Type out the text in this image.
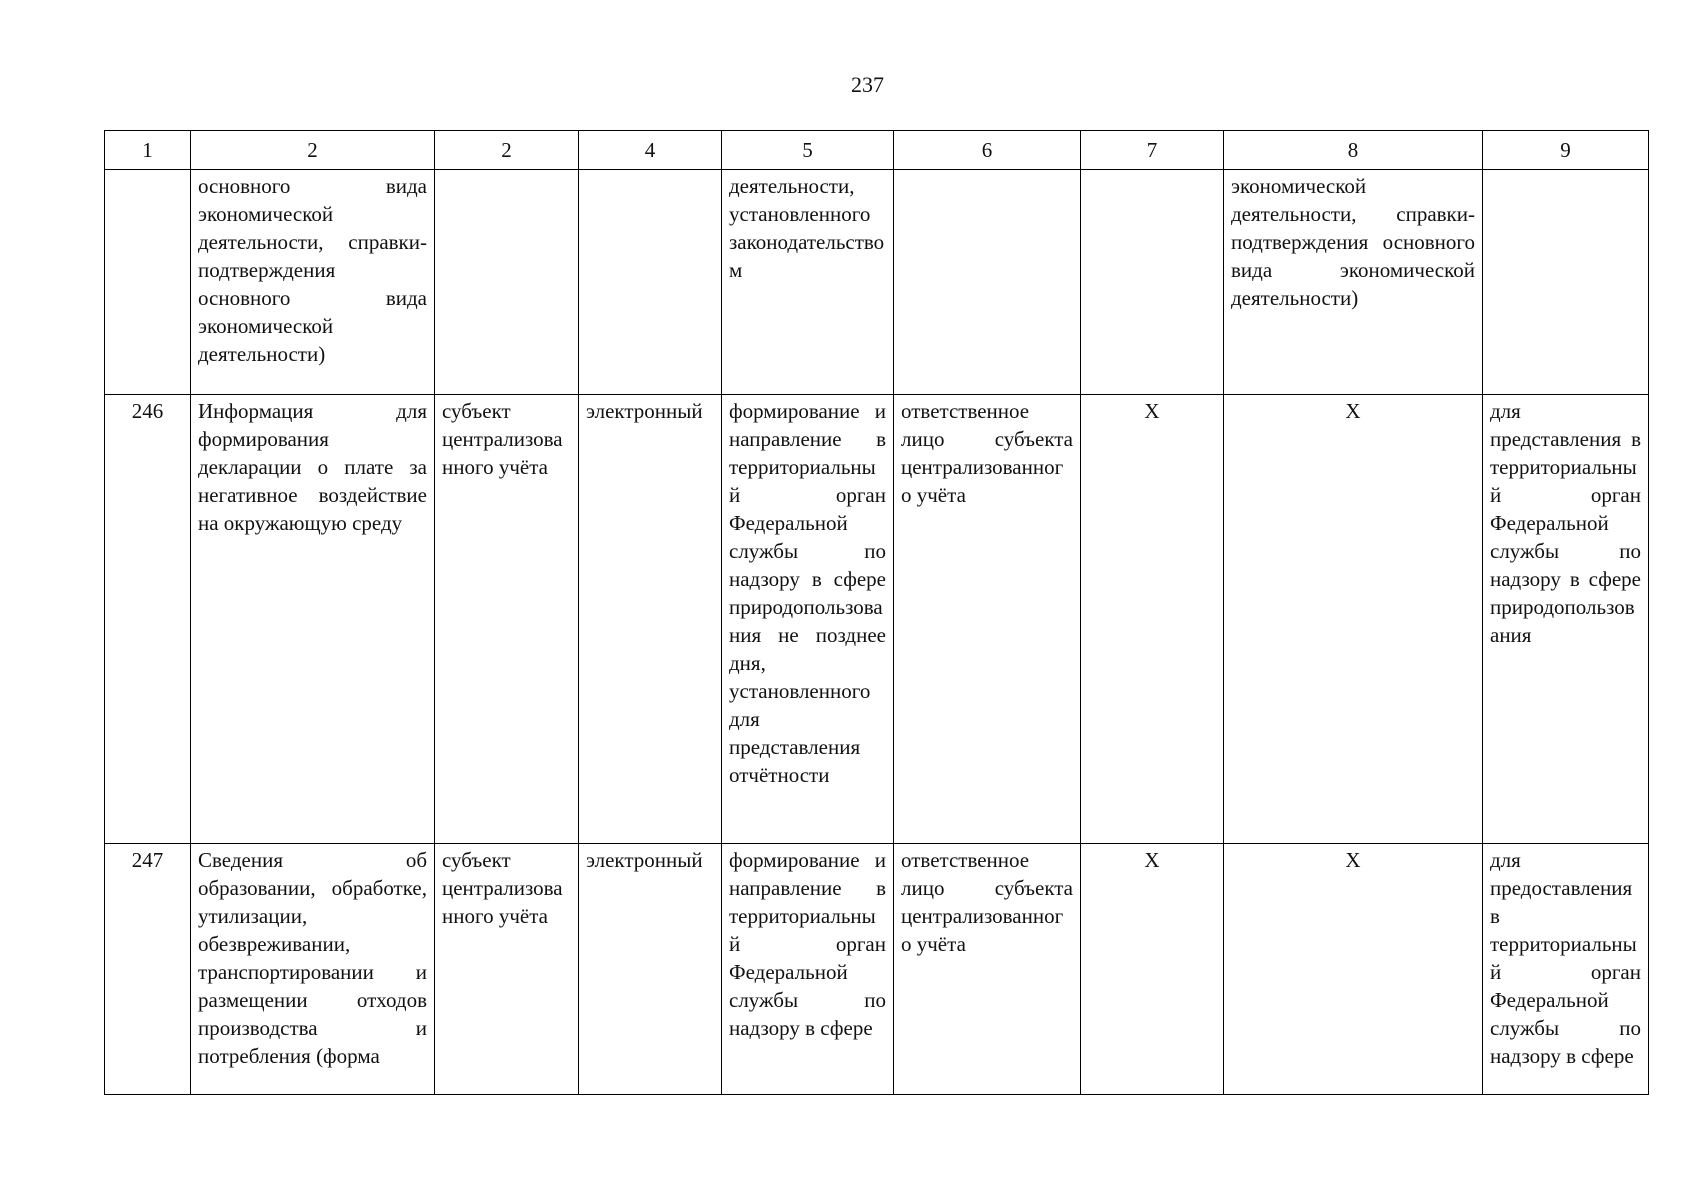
237
1	2	2	4	5	6	7	8	9
	основного вида экономической деятельности, справки-подтверждения основного вида экономической деятельности)			деятельности, установленного законодательством			экономической деятельности, справки-подтверждения основного вида экономической деятельности)	
246	Информация для формирования декларации о плате за негативное воздействие на окружающую среду	субъект централизованного учёта	электронный	формирование и направление в территориальный орган Федеральной службы по надзору в сфере природопользования не позднее дня, установленного для представления отчётности	ответственное лицо субъекта централизованного учёта	Х	Х	для представления в территориальный орган Федеральной службы по надзору в сфере природопользования
247	Сведения об образовании, обработке, утилизации, обезвреживании, транспортировании и размещении отходов производства и потребления (форма	субъект централизованного учёта	электронный	формирование и направление в территориальный орган Федеральной службы по надзору в сфере	ответственное лицо субъекта централизованного учёта	Х	Х	для предоставления в территориальный орган Федеральной службы по надзору в сфере
